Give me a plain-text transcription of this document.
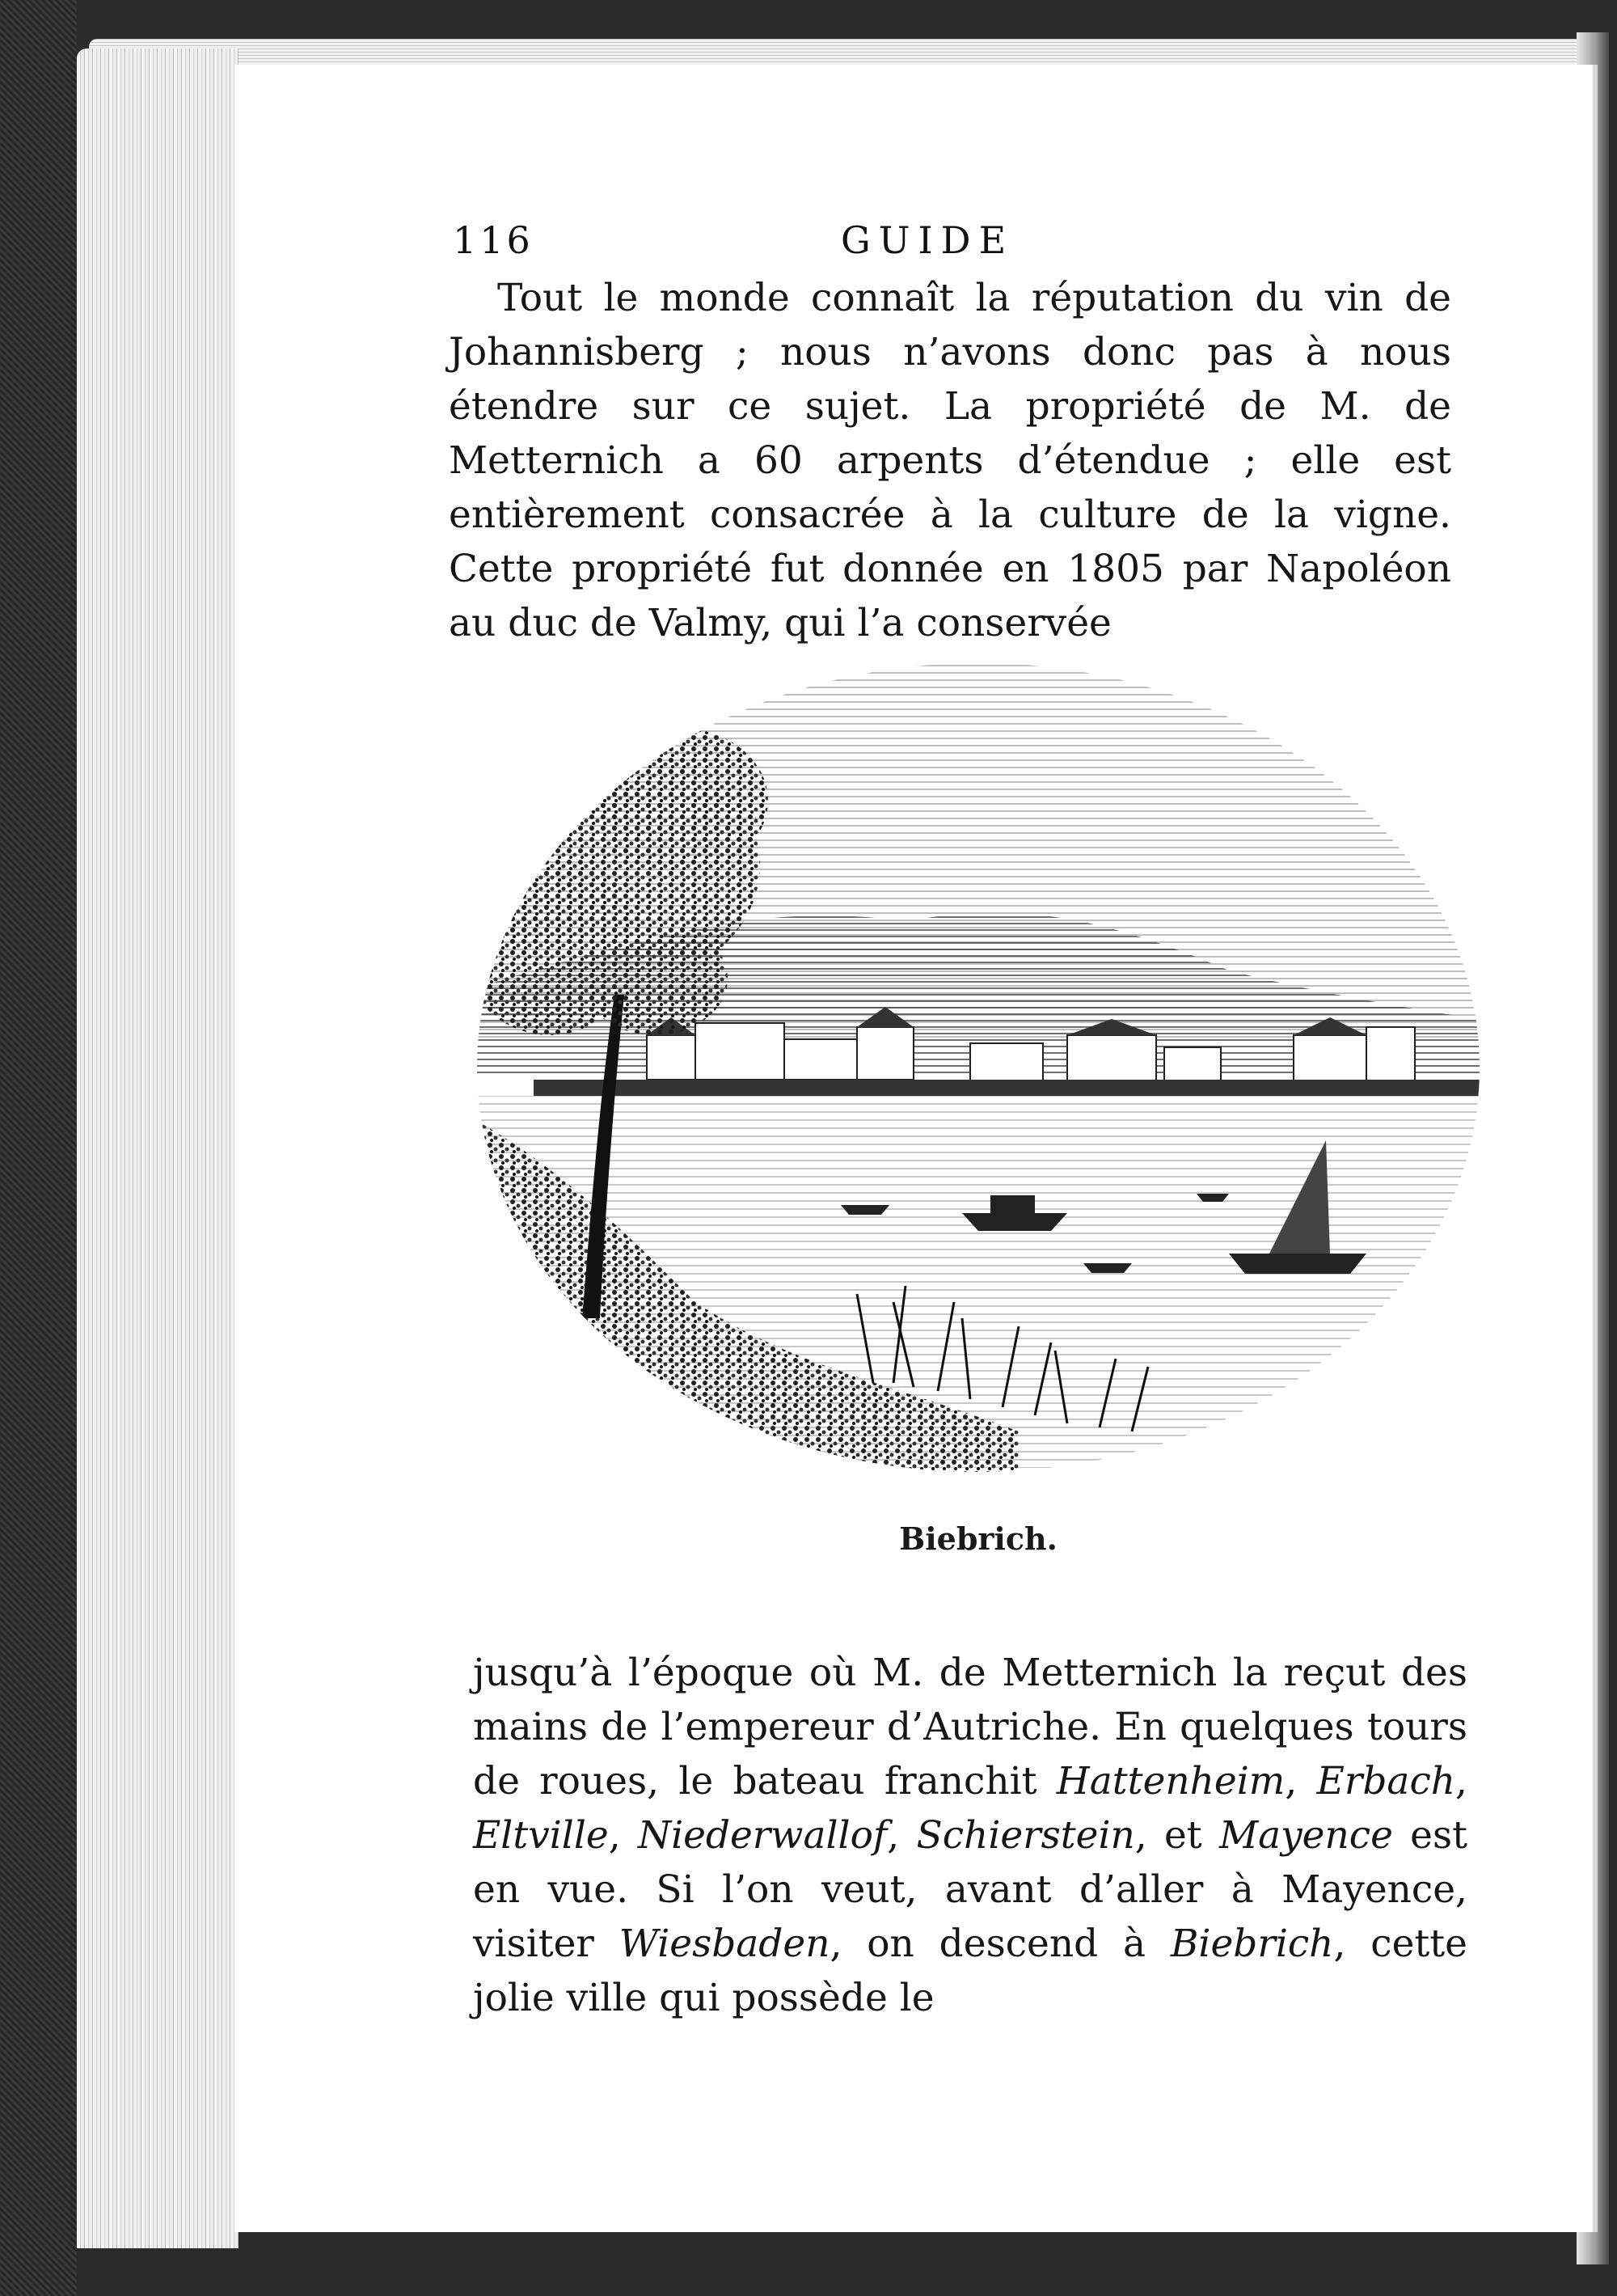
116	GUIDE

Tout le monde connaît la réputation du vin de Johannisberg ; nous n’avons donc pas à nous étendre sur ce sujet. La propriété de M. de Metternich a 60 arpents d’étendue ; elle est entièrement consacrée à la culture de la vigne. Cette propriété fut donnée en 1805 par Napoléon au duc de Valmy, qui l’a conservée

Biebrich.

jusqu’à l’époque où M. de Metternich la reçut des mains de l’empereur d’Autriche. En quelques tours de roues, le bateau franchit Hattenheim, Erbach, Eltville, Niederwallof, Schierstein, et Mayence est en vue. Si l’on veut, avant d’aller à Mayence, visiter Wiesbaden, on descend à Biebrich, cette jolie ville qui possède le
